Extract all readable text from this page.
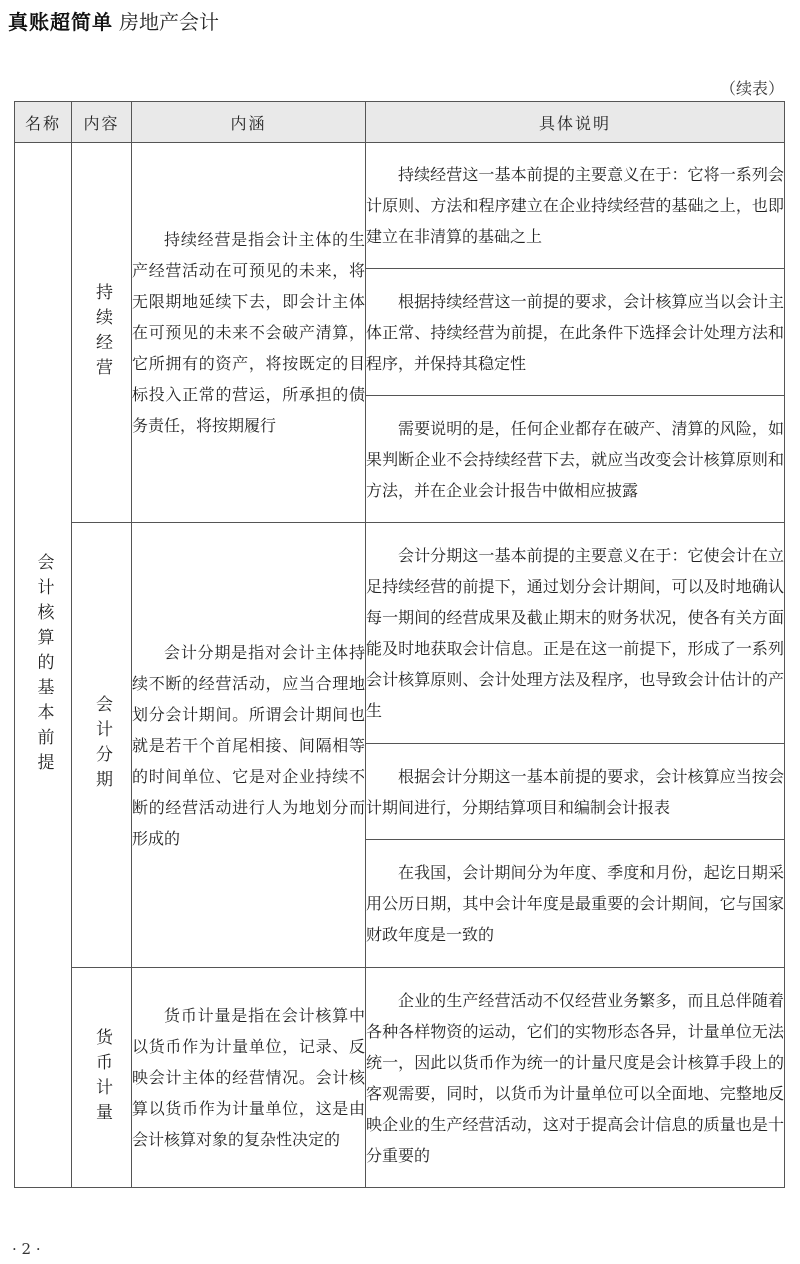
真账超简单 房地产会计
（续表）
名称	内容	内涵	具体说明

会计核算的基本前提	持续经营	持续经营是指会计主体的生产经营活动在可预见的未来，将无限期地延续下去，即会计主体在可预见的未来不会破产清算，它所拥有的资产，将按既定的目标投入正常的营运，所承担的债务责任，将按期履行	持续经营这一基本前提的主要意义在于：它将一系列会计原则、方法和程序建立在企业持续经营的基础之上，也即建立在非清算的基础之上

			根据持续经营这一前提的要求，会计核算应当以会计主体正常、持续经营为前提，在此条件下选择会计处理方法和程序，并保持其稳定性

			需要说明的是，任何企业都存在破产、清算的风险，如果判断企业不会持续经营下去，就应当改变会计核算原则和方法，并在企业会计报告中做相应披露

	会计分期	会计分期是指对会计主体持续不断的经营活动，应当合理地划分会计期间。所谓会计期间也就是若干个首尾相接、间隔相等的时间单位、它是对企业持续不断的经营活动进行人为地划分而形成的	会计分期这一基本前提的主要意义在于：它使会计在立足持续经营的前提下，通过划分会计期间，可以及时地确认每一期间的经营成果及截止期末的财务状况，使各有关方面能及时地获取会计信息。正是在这一前提下，形成了一系列会计核算原则、会计处理方法及程序，也导致会计估计的产生

			根据会计分期这一基本前提的要求，会计核算应当按会计期间进行，分期结算项目和编制会计报表

			在我国，会计期间分为年度、季度和月份，起讫日期采用公历日期，其中会计年度是最重要的会计期间，它与国家财政年度是一致的

	货币计量	货币计量是指在会计核算中以货币作为计量单位，记录、反映会计主体的经营情况。会计核算以货币作为计量单位，这是由会计核算对象的复杂性决定的	企业的生产经营活动不仅经营业务繁多，而且总伴随着各种各样物资的运动，它们的实物形态各异，计量单位无法统一，因此以货币作为统一的计量尺度是会计核算手段上的客观需要，同时，以货币为计量单位可以全面地、完整地反映企业的生产经营活动，这对于提高会计信息的质量也是十分重要的
· 2 ·
